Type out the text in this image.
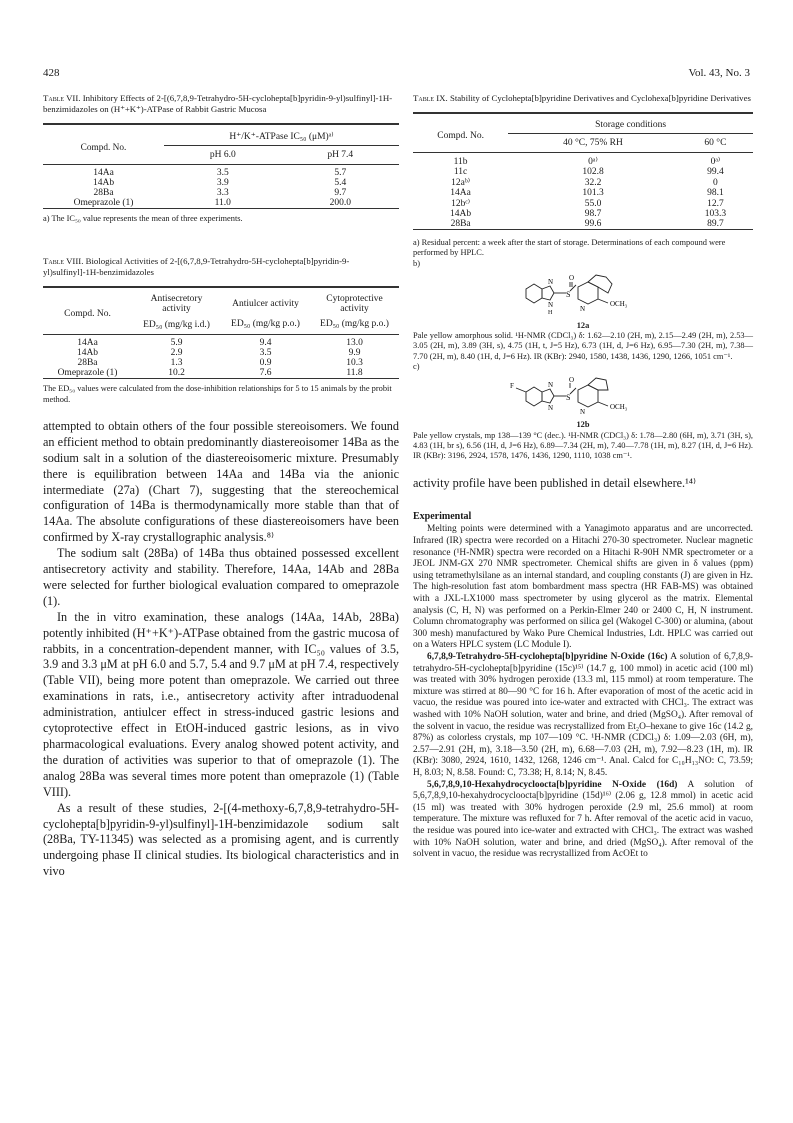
428	Vol. 43, No. 3
Table VII. Inhibitory Effects of 2-[(6,7,8,9-Tetrahydro-5H-cyclohepta[b]pyridin-9-yl)sulfinyl]-1H-benzimidazoles on (H⁺+K⁺)-ATPase of Rabbit Gastric Mucosa

Compd. No.	H⁺/K⁺-ATPase IC₅₀ (μM)ᵃ⁾	
	pH 6.0	pH 7.4

14Aa	3.5	5.7
14Ab	3.9	5.4
28Ba	3.3	9.7
Omeprazole (1)	11.0	200.0

a) The IC₅₀ value represents the mean of three experiments.
Table VIII. Biological Activities of 2-[(6,7,8,9-Tetrahydro-5H-cyclohepta[b]pyridin-9-yl)sulfinyl]-1H-benzimidazoles

Compd. No.	Antisecretory activity	Antiulcer activity	Cytoprotective activity
	ED₅₀ (mg/kg i.d.)	ED₅₀ (mg/kg p.o.)	ED₅₀ (mg/kg p.o.)

14Aa	5.9	9.4	13.0
14Ab	2.9	3.5	9.9
28Ba	1.3	0.9	10.3
Omeprazole (1)	10.2	7.6	11.8

The ED₅₀ values were calculated from the dose-inhibition relationships for 5 to 15 animals by the probit method.

attempted to obtain others of the four possible stereoisomers. We found an efficient method to obtain predominantly diastereoisomer 14Ba as the sodium salt in a solution of the diastereoisomeric mixture. Presumably there is equilibration between 14Aa and 14Ba via the anionic intermediate (27a) (Chart 7), suggesting that the stereochemical configuration of 14Ba is thermodynamically more stable than that of 14Aa. The absolute configurations of these diastereoisomers have been confirmed by X-ray crystallographic analysis.⁸⁾

The sodium salt (28Ba) of 14Ba thus obtained possessed excellent antisecretory activity and stability. Therefore, 14Aa, 14Ab and 28Ba were selected for further biological evaluation compared to omeprazole (1).

In the in vitro examination, these analogs (14Aa, 14Ab, 28Ba) potently inhibited (H⁺+K⁺)-ATPase obtained from the gastric mucosa of rabbits, in a concentration-dependent manner, with IC₅₀ values of 3.5, 3.9 and 3.3 μM at pH 6.0 and 5.7, 5.4 and 9.7 μM at pH 7.4, respectively (Table VII), being more potent than omeprazole. We carried out three examinations in rats, i.e., antisecretory activity after intraduodenal administration, antiulcer effect in stress-induced gastric lesions and cytoprotective effect in EtOH-induced gastric lesions, as in vivo pharmacological evaluations. Every analog showed potent activity, and the duration of activities was superior to that of omeprazole (1). The analog 28Ba was several times more potent than omeprazole (1) (Table VIII).

As a result of these studies, 2-[(4-methoxy-6,7,8,9-tetrahydro-5H-cyclohepta[b]pyridin-9-yl)sulfinyl]-1H-benzimidazole sodium salt (28Ba, TY-11345) was selected as a promising agent, and is currently undergoing phase II clinical studies. Its biological characteristics and in vivo

Table IX. Stability of Cyclohepta[b]pyridine Derivatives and Cyclohexa[b]pyridine Derivatives

Compd. No.	Storage conditions	
	40 °C, 75% RH	60 °C

11b	0ᵃ⁾	0ᵃ⁾
11c	102.8	99.4
12aᵇ⁾	32.2	0
14Aa	101.3	98.1
12bᶜ⁾	55.0	12.7
14Ab	98.7	103.3
28Ba	99.6	89.7

a) Residual percent: a week after the start of storage. Determinations of each compound were performed by HPLC.
b)
S
O
N
N
H	N
OCH₃
12a
Pale yellow amorphous solid. ¹H-NMR (CDCl₃) δ: 1.62—2.10 (2H, m), 2.15—2.49 (2H, m), 2.53—3.05 (2H, m), 3.89 (3H, s), 4.75 (1H, t, J=5 Hz), 6.73 (1H, d, J=6 Hz), 6.95—7.30 (2H, m), 7.38—7.70 (2H, m), 8.40 (1H, d, J=6 Hz). IR (KBr): 2940, 1580, 1438, 1436, 1290, 1266, 1051 cm⁻¹.
c)
F
S
O
N
N	N
OCH₃
12b
Pale yellow crystals, mp 138—139 °C (dec.). ¹H-NMR (CDCl₃) δ: 1.78—2.80 (6H, m), 3.71 (3H, s), 4.83 (1H, br s), 6.56 (1H, d, J=6 Hz), 6.89—7.34 (2H, m), 7.40—7.78 (1H, m), 8.27 (1H, d, J=6 Hz). IR (KBr): 3196, 2924, 1578, 1476, 1436, 1290, 1110, 1038 cm⁻¹.
activity profile have been published in detail elsewhere.¹⁴⁾
Experimental

Melting points were determined with a Yanagimoto apparatus and are uncorrected. Infrared (IR) spectra were recorded on a Hitachi 270-30 spectrometer. Nuclear magnetic resonance (¹H-NMR) spectra were recorded on a Hitachi R-90H NMR spectrometer or a JEOL JNM-GX 270 NMR spectrometer. Chemical shifts are given in δ values (ppm) using tetramethylsilane as an internal standard, and coupling constants (J) are given in Hz. The high-resolution fast atom bombardment mass spectra (HR FAB-MS) was obtained with a JXL-LX1000 mass spectrometer by using glycerol as the matrix. Elemental analysis (C, H, N) was performed on a Perkin-Elmer 240 or 2400 C, H, N instrument. Column chromatography was performed on silica gel (Wakogel C-300) or alumina, (about 300 mesh) manufactured by Wako Pure Chemical Industries, Ldt. HPLC was carried out on a Waters HPLC system (LC Module I).

6,7,8,9-Tetrahydro-5H-cyclohepta[b]pyridine N-Oxide (16c) A solution of 6,7,8,9-tetrahydro-5H-cyclohepta[b]pyridine (15c)¹⁵⁾ (14.7 g, 100 mmol) in acetic acid (100 ml) was treated with 30% hydrogen peroxide (13.3 ml, 115 mmol) at room temperature. The mixture was stirred at 80—90 °C for 16 h. After evaporation of most of the acetic acid in vacuo, the residue was poured into ice-water and extracted with CHCl₃. The extract was washed with 10% NaOH solution, water and brine, and dried (MgSO₄). After removal of the solvent in vacuo, the residue was recrystallized from Et₂O–hexane to give 16c (14.2 g, 87%) as colorless crystals, mp 107—109 °C. ¹H-NMR (CDCl₃) δ: 1.09—2.03 (6H, m), 2.57—2.91 (2H, m), 3.18—3.50 (2H, m), 6.68—7.03 (2H, m), 7.92—8.23 (1H, m). IR (KBr): 3080, 2924, 1610, 1432, 1268, 1246 cm⁻¹. Anal. Calcd for C₁₀H₁₃NO: C, 73.59; H, 8.03; N, 8.58. Found: C, 73.38; H, 8.14; N, 8.45.

5,6,7,8,9,10-Hexahydrocycloocta[b]pyridine N-Oxide (16d) A solution of 5,6,7,8,9,10-hexahydrocycloocta[b]pyridine (15d)¹⁶⁾ (2.06 g, 12.8 mmol) in acetic acid (15 ml) was treated with 30% hydrogen peroxide (2.9 ml, 25.6 mmol) at room temperature. The mixture was refluxed for 7 h. After removal of the acetic acid in vacuo, the residue was poured into ice-water and extracted with CHCl₃. The extract was washed with 10% NaOH solution, water and brine, and dried (MgSO₄). After removal of the solvent in vacuo, the residue was recrystallized from AcOEt to
